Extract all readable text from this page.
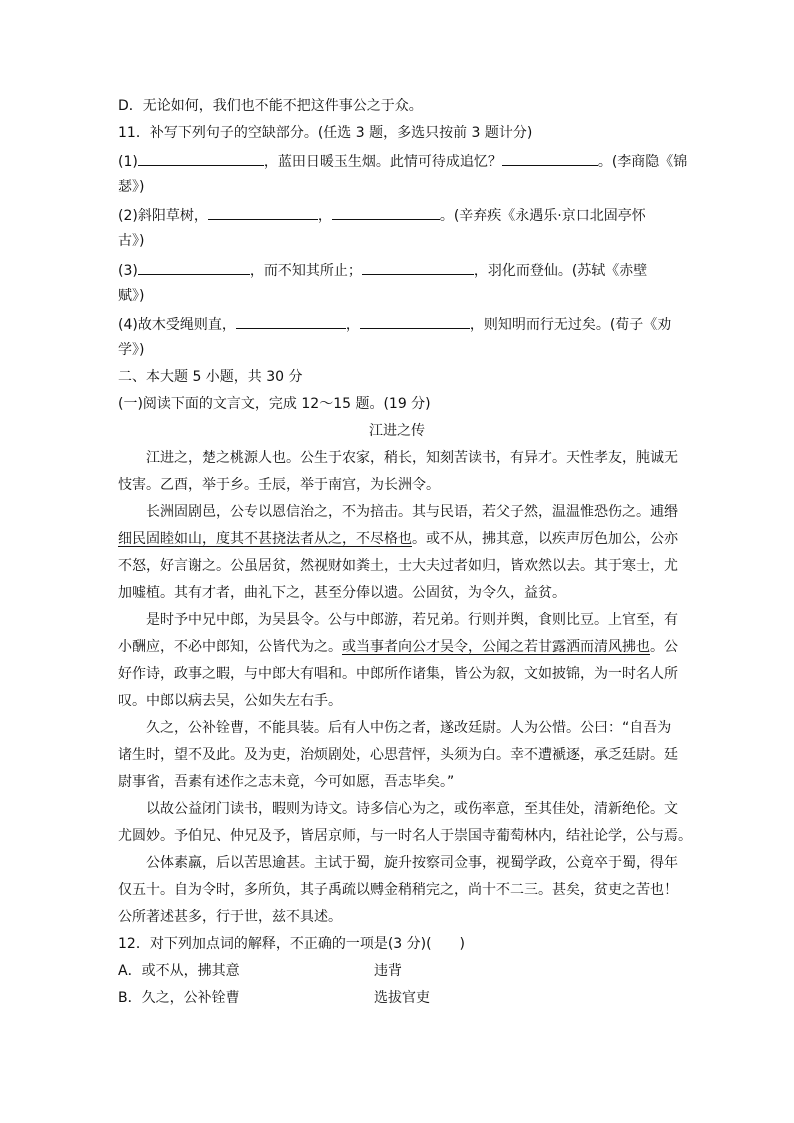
D．无论如何，我们也不能不把这件事公之于众。
11．补写下列句子的空缺部分。(任选 3 题，多选只按前 3 题计分)
(1)	，蓝田日暖玉生烟。此情可待成追忆？	。(李商隐《锦
瑟》)
(2)斜阳草树，	，	。(辛弃疾《永遇乐·京口北固亭怀
古》)
(3)	，而不知其所止；	，羽化而登仙。(苏轼《赤壁
赋》)
(4)故木受绳则直，	，	，则知明而行无过矣。(荀子《劝
学》)
二、本大题 5 小题，共 30 分
(一)阅读下面的文言文，完成 12～15 题。(19 分)
江进之传
江进之，楚之桃源人也。公生于农家，稍长，知刻苦读书，有异才。天性孝友，肫诚无
忮害。乙酉，举于乡。壬辰，举于南宫，为长洲令。
长洲固剧邑，公专以恩信治之，不为掊击。其与民语，若父子然，温温惟恐伤之。逋缗
细民固睦如山，度其不甚挠法者从之，不尽格也。或不从，拂其意，以疾声厉色加公，公亦
不怒，好言谢之。公虽居贫，然视财如粪土，士大夫过者如归，皆欢然以去。其于寒士，尤
加嘘植。其有才者，曲礼下之，甚至分俸以遗。公固贫，为令久，益贫。
是时予中兄中郎，为吴县令。公与中郎游，若兄弟。行则并舆，食则比豆。上官至，有
小酬应，不必中郎知，公皆代为之。或当事者向公才吴令，公闻之若甘露洒而清风拂也。公
好作诗，政事之暇，与中郎大有唱和。中郎所作诸集，皆公为叙，文如披锦，为一时名人所
叹。中郎以病去吴，公如失左右手。
久之，公补铨曹，不能具装。后有人中伤之者，遂改廷尉。人为公惜。公曰：“自吾为
诸生时，望不及此。及为吏，治烦剧处，心思营怦，头须为白。幸不遭褫逐，承乏廷尉。廷
尉事省，吾素有述作之志未竟，今可如愿，吾志毕矣。”
以故公益闭门读书，暇则为诗文。诗多信心为之，或伤率意，至其佳处，清新绝伦。文
尤圆妙。予伯兄、仲兄及予，皆居京师，与一时名人于崇国寺葡萄林内，结社论学，公与焉。
公体素羸，后以苦思逾甚。主试于蜀，旋升按察司佥事，视蜀学政，公竟卒于蜀，得年
仅五十。自为令时，多所负，其子禹疏以赙金稍稍完之，尚十不二三。甚矣，贫吏之苦也！
公所著述甚多，行于世，兹不具述。
12．对下列加点词的解释，不正确的一项是(3 分)(　　)
A．或不从，拂其意	违背
B．久之，公补铨曹	选拔官吏
